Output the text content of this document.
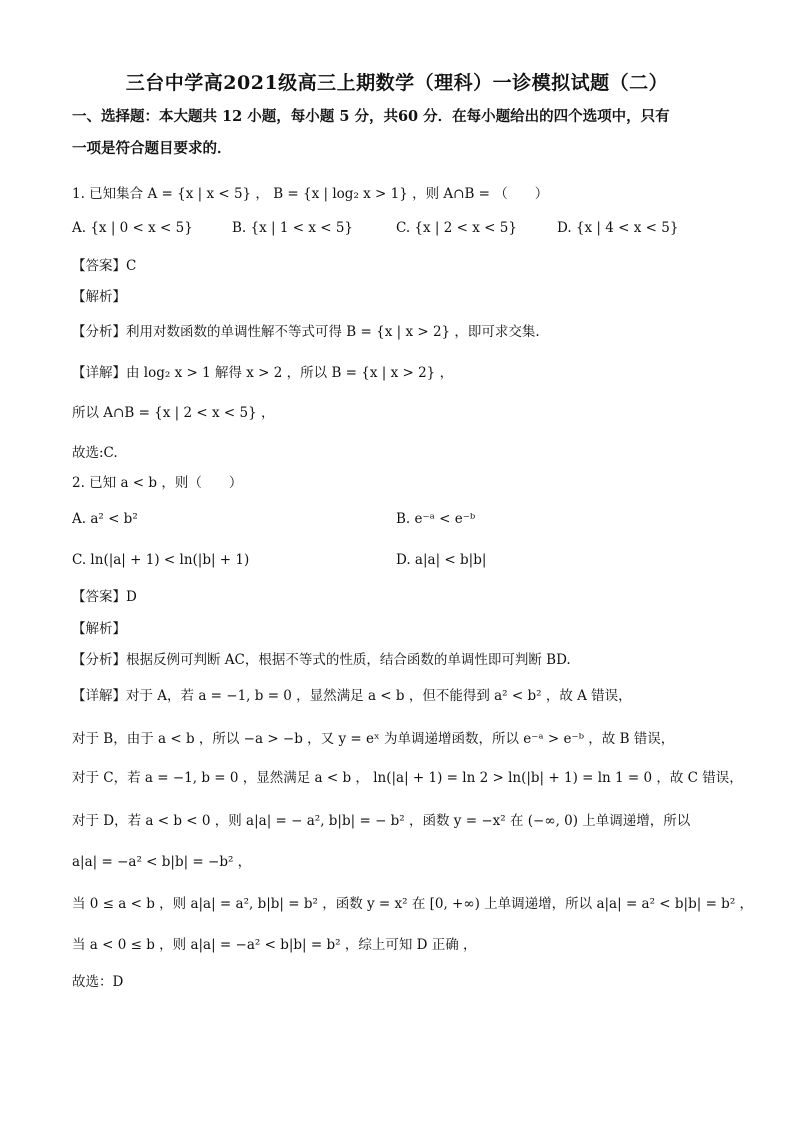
三台中学高2021级高三上期数学（理科）一诊模拟试题（二）
一、选择题：本大题共 12 小题，每小题 5 分，共60 分．在每小题给出的四个选项中，只有
一项是符合题目要求的．
1. 已知集合 A = {x | x < 5} ， B = {x | log₂ x > 1} ，则 A∩B = （　　）
A. {x | 0 < x < 5}	B. {x | 1 < x < 5}	C. {x | 2 < x < 5}	D. {x | 4 < x < 5}
【答案】C
【解析】
【分析】利用对数函数的单调性解不等式可得 B = {x | x > 2} ，即可求交集.
【详解】由 log₂ x > 1 解得 x > 2 ，所以 B = {x | x > 2} ，
所以 A∩B = {x | 2 < x < 5} ，
故选:C.
2. 已知 a < b ，则（　　）
A. a² < b²	B. e⁻ᵃ < e⁻ᵇ
C. ln(|a| + 1) < ln(|b| + 1)	D. a|a| < b|b|
【答案】D
【解析】
【分析】根据反例可判断 AC，根据不等式的性质，结合函数的单调性即可判断 BD.
【详解】对于 A，若 a = −1, b = 0 ，显然满足 a < b ，但不能得到 a² < b² ，故 A 错误，
对于 B，由于 a < b ，所以 −a > −b ，又 y = eˣ 为单调递增函数，所以 e⁻ᵃ > e⁻ᵇ ，故 B 错误，
对于 C，若 a = −1, b = 0 ，显然满足 a < b ， ln(|a| + 1) = ln 2 > ln(|b| + 1) = ln 1 = 0 ，故 C 错误，
对于 D，若 a < b < 0 ，则 a|a| = − a², b|b| = − b² ，函数 y = −x² 在 (−∞, 0) 上单调递增，所以
a|a| = −a² < b|b| = −b² ，
当 0 ≤ a < b ，则 a|a| = a², b|b| = b² ，函数 y = x² 在 [0, +∞) 上单调递增，所以 a|a| = a² < b|b| = b² ，
当 a < 0 ≤ b ，则 a|a| = −a² < b|b| = b² ，综上可知 D 正确 ，
故选：D
